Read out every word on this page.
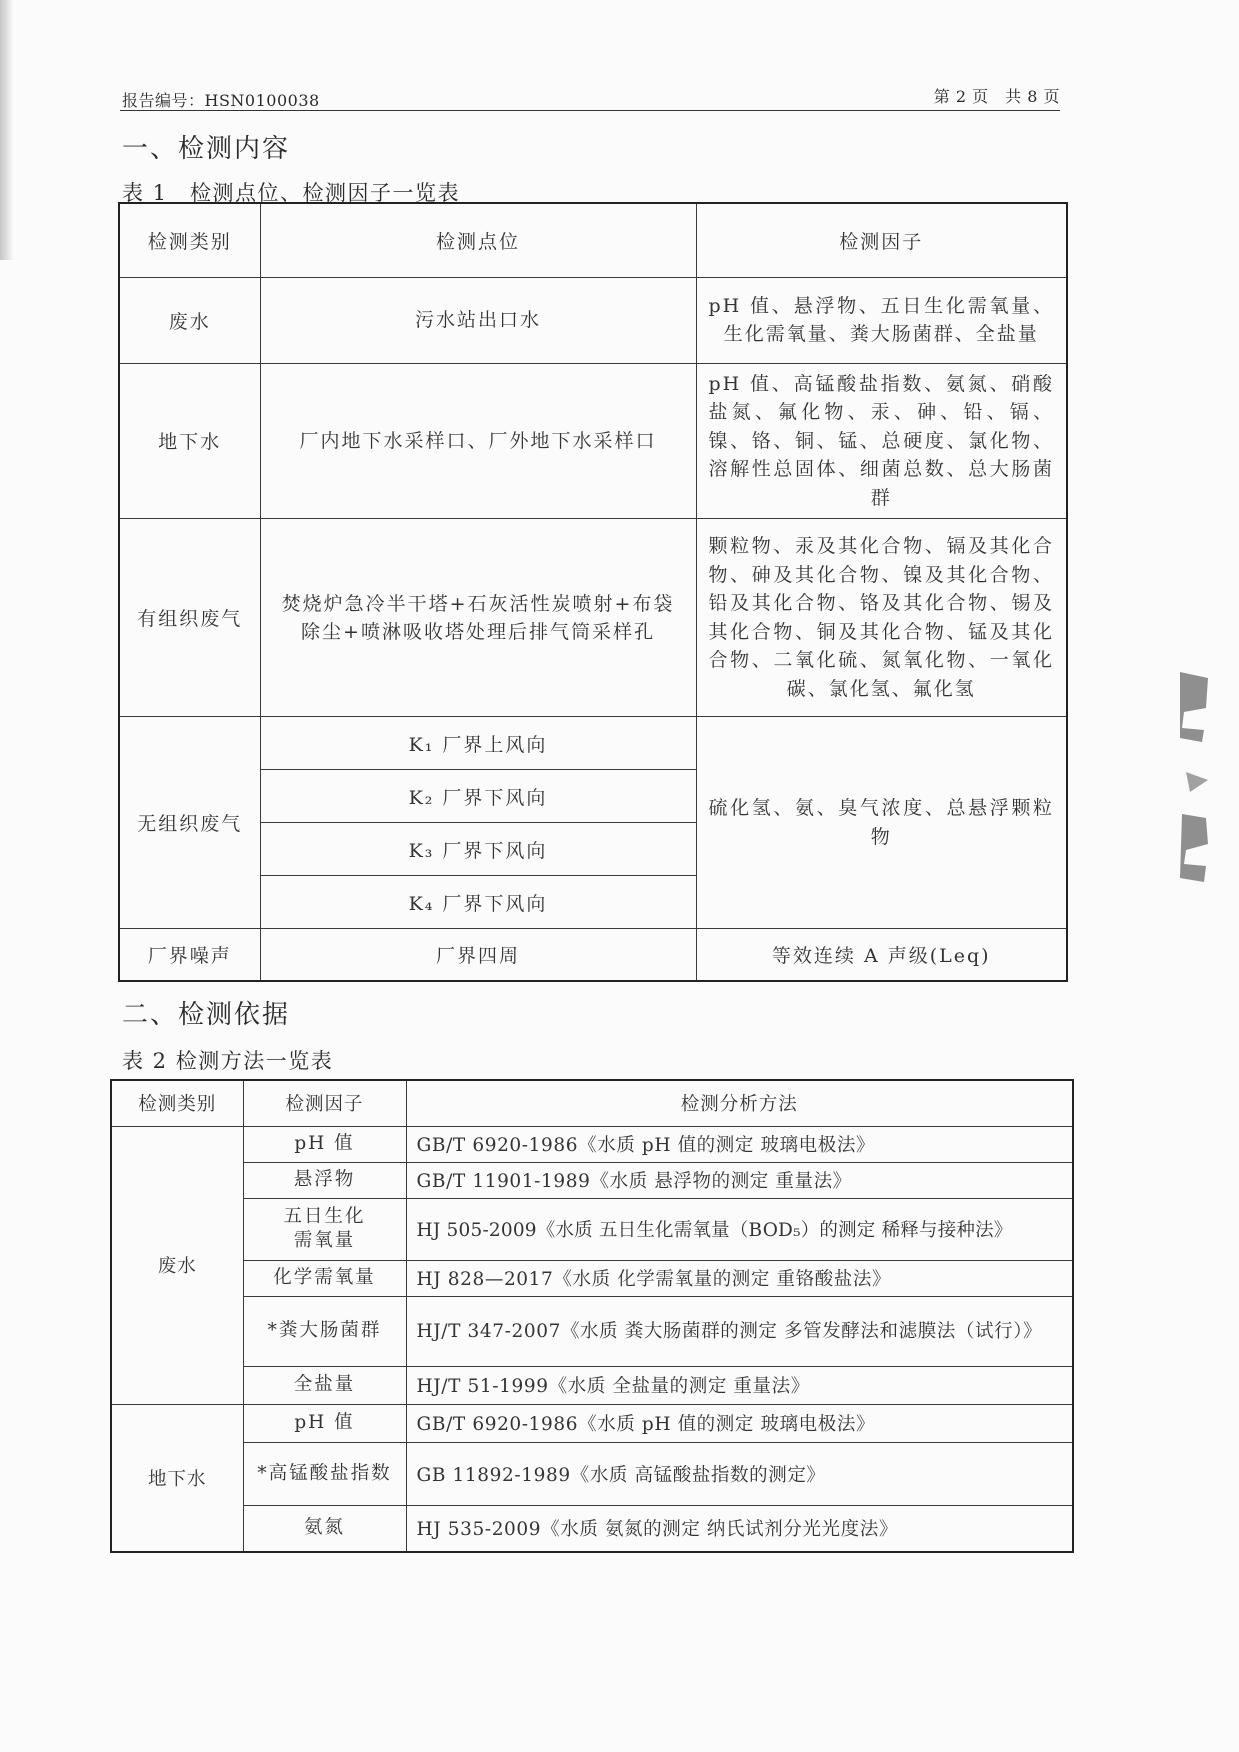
报告编号：HSN0100038	第 2 页　共 8 页
一、检测内容
表 1　检测点位、检测因子一览表
检测类别	检测点位	检测因子
废水	污水站出口水	pH 值、悬浮物、五日生化需氧量、生化需氧量、粪大肠菌群、全盐量
地下水	厂内地下水采样口、厂外地下水采样口	pH 值、高锰酸盐指数、氨氮、硝酸盐氮、氟化物、汞、砷、铅、镉、镍、铬、铜、锰、总硬度、氯化物、溶解性总固体、细菌总数、总大肠菌群
有组织废气	焚烧炉急冷半干塔+石灰活性炭喷射+布袋除尘+喷淋吸收塔处理后排气筒采样孔	颗粒物、汞及其化合物、镉及其化合物、砷及其化合物、镍及其化合物、铅及其化合物、铬及其化合物、锡及其化合物、铜及其化合物、锰及其化合物、二氧化硫、氮氧化物、一氧化碳、氯化氢、氟化氢
无组织废气	K₁ 厂界上风向	硫化氢、氨、臭气浓度、总悬浮颗粒物
	K₂ 厂界下风向	
	K₃ 厂界下风向	
	K₄ 厂界下风向	
厂界噪声	厂界四周	等效连续 A 声级(Leq)
二、检测依据
表 2 检测方法一览表
检测类别	检测因子	检测分析方法
废水	pH 值	GB/T 6920-1986《水质 pH 值的测定 玻璃电极法》
	悬浮物	GB/T 11901-1989《水质 悬浮物的测定 重量法》
	五日生化需氧量	HJ 505-2009《水质 五日生化需氧量（BOD₅）的测定 稀释与接种法》
	化学需氧量	HJ 828—2017《水质 化学需氧量的测定 重铬酸盐法》
	*粪大肠菌群	HJ/T 347-2007《水质 粪大肠菌群的测定 多管发酵法和滤膜法（试行）》
	全盐量	HJ/T 51-1999《水质 全盐量的测定 重量法》
地下水	pH 值	GB/T 6920-1986《水质 pH 值的测定 玻璃电极法》
	*高锰酸盐指数	GB 11892-1989《水质 高锰酸盐指数的测定》
	氨氮	HJ 535-2009《水质 氨氮的测定 纳氏试剂分光光度法》
